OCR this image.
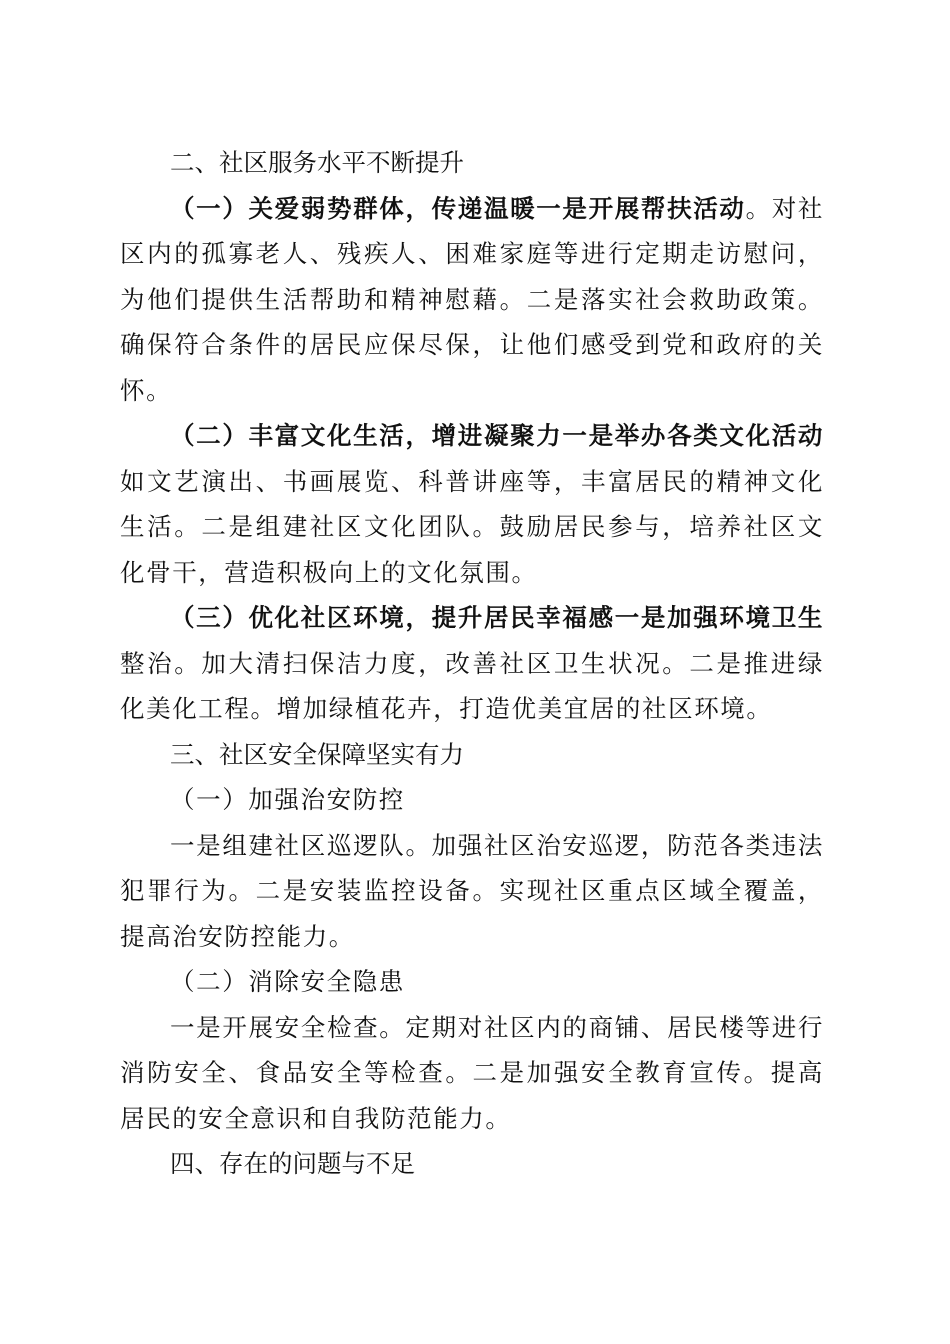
二、社区服务水平不断提升

（一）关爱弱势群体，传递温暖一是开展帮扶活动。对社区内的孤寡老人、残疾人、困难家庭等进行定期走访慰问，为他们提供生活帮助和精神慰藉。二是落实社会救助政策。确保符合条件的居民应保尽保，让他们感受到党和政府的关怀。

（二）丰富文化生活，增进凝聚力一是举办各类文化活动如文艺演出、书画展览、科普讲座等，丰富居民的精神文化生活。二是组建社区文化团队。鼓励居民参与，培养社区文化骨干，营造积极向上的文化氛围。

（三）优化社区环境，提升居民幸福感一是加强环境卫生整治。加大清扫保洁力度，改善社区卫生状况。二是推进绿化美化工程。增加绿植花卉，打造优美宜居的社区环境。

三、社区安全保障坚实有力

（一）加强治安防控

一是组建社区巡逻队。加强社区治安巡逻，防范各类违法犯罪行为。二是安装监控设备。实现社区重点区域全覆盖，提高治安防控能力。

（二）消除安全隐患

一是开展安全检查。定期对社区内的商铺、居民楼等进行消防安全、食品安全等检查。二是加强安全教育宣传。提高居民的安全意识和自我防范能力。

四、存在的问题与不足
